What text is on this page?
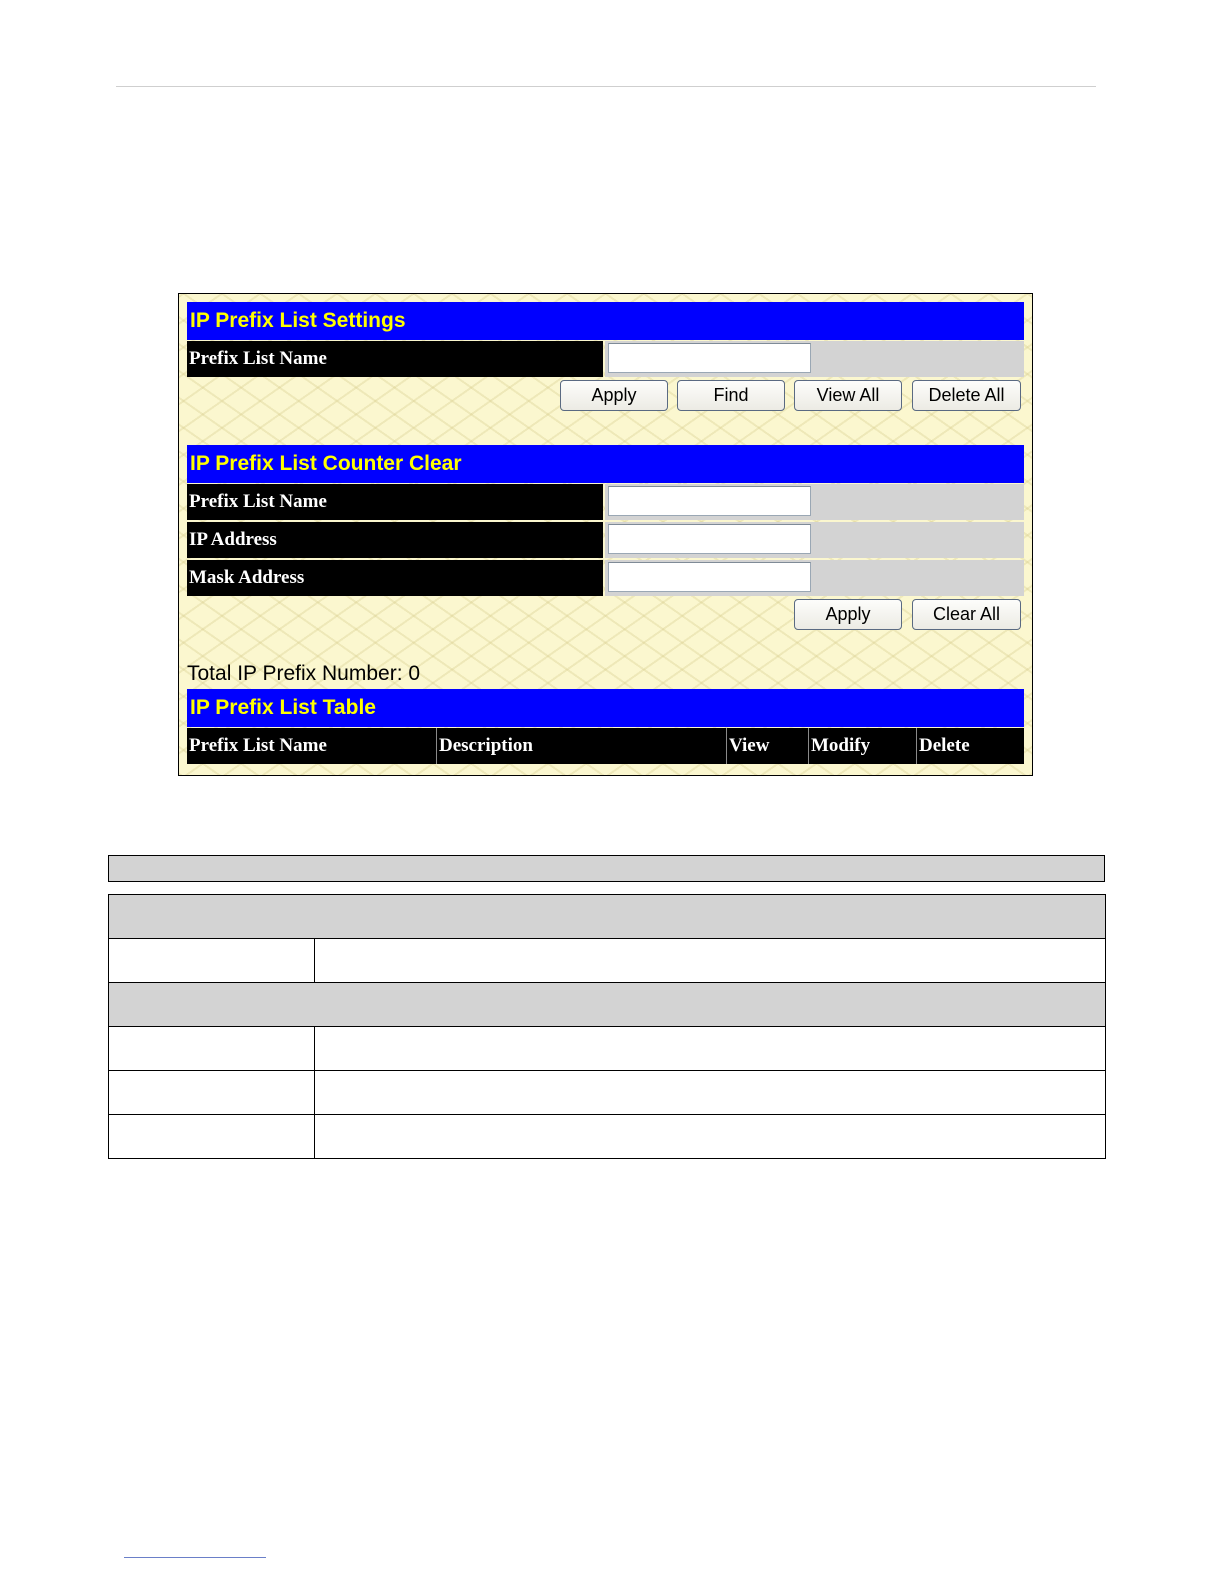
IP Prefix List Settings
Prefix List Name
Apply	Find	View All	Delete All
IP Prefix List Counter Clear
Prefix List Name
IP Address
Mask Address
Apply	Clear All
Total IP Prefix Number: 0
IP Prefix List Table
Prefix List Name	Description	View	Modify	Delete
